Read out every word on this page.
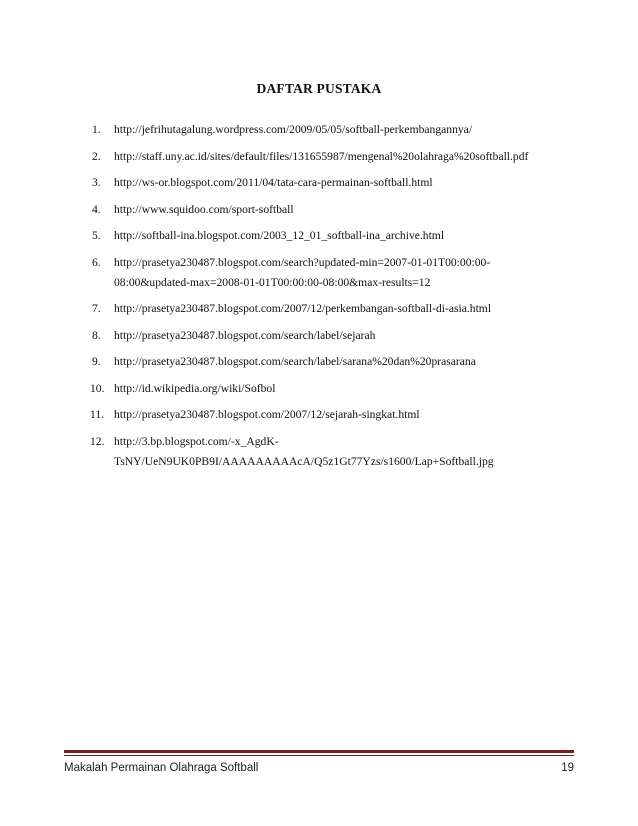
DAFTAR PUSTAKA
1. http://jefrihutagalung.wordpress.com/2009/05/05/softball-perkembangannya/
2. http://staff.uny.ac.id/sites/default/files/131655987/mengenal%20olahraga%20softball.pdf
3. http://ws-or.blogspot.com/2011/04/tata-cara-permainan-softball.html
4. http://www.squidoo.com/sport-softball
5. http://softball-ina.blogspot.com/2003_12_01_softball-ina_archive.html
6. http://prasetya230487.blogspot.com/search?updated-min=2007-01-01T00:00:00-
08:00&updated-max=2008-01-01T00:00:00-08:00&max-results=12
7. http://prasetya230487.blogspot.com/2007/12/perkembangan-softball-di-asia.html
8. http://prasetya230487.blogspot.com/search/label/sejarah
9. http://prasetya230487.blogspot.com/search/label/sarana%20dan%20prasarana
10. http://id.wikipedia.org/wiki/Sofbol
11. http://prasetya230487.blogspot.com/2007/12/sejarah-singkat.html
12. http://3.bp.blogspot.com/-x_AgdK-
TsNY/UeN9UK0PB9I/AAAAAAAAAcA/Q5z1Gt77Yzs/s1600/Lap+Softball.jpg
Makalah Permainan Olahraga Softball	19
